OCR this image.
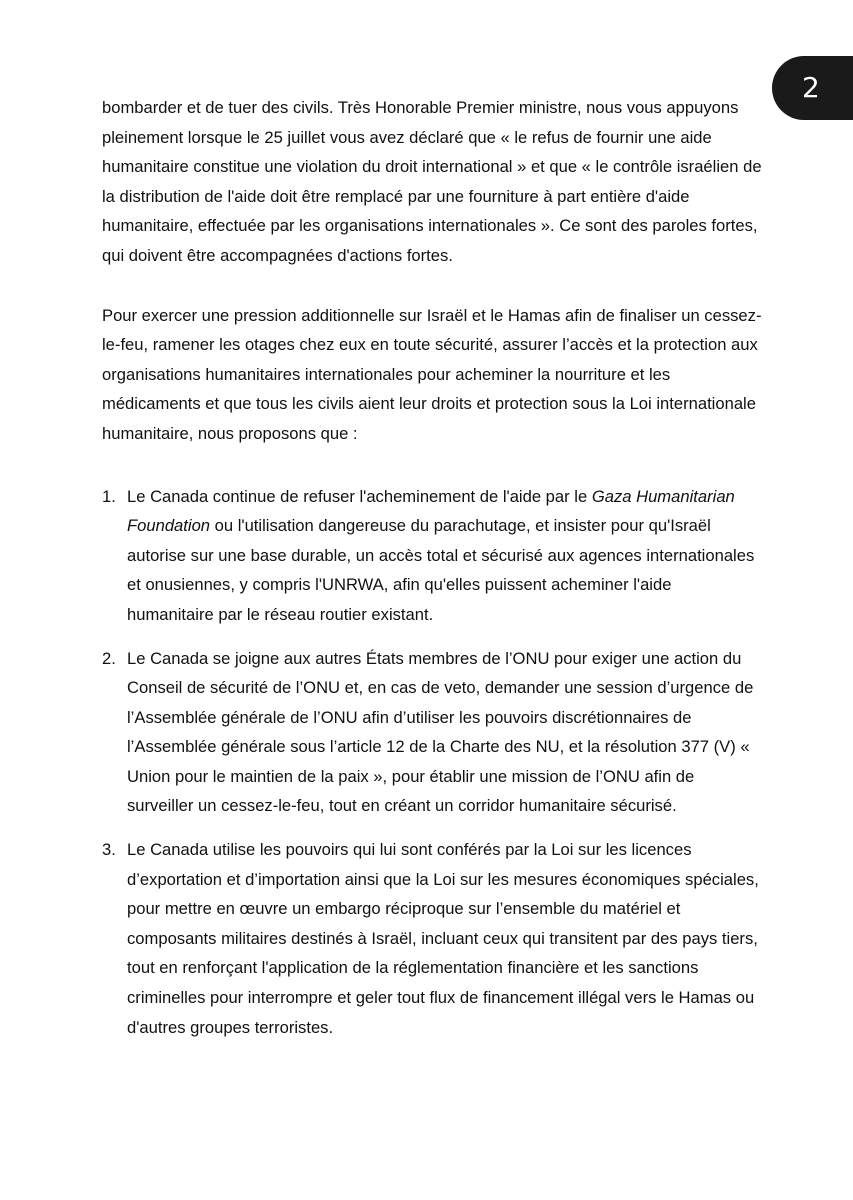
2

bombarder et de tuer des civils. Très Honorable Premier ministre, nous vous appuyons pleinement lorsque le 25 juillet vous avez déclaré que « le refus de fournir une aide humanitaire constitue une violation du droit international » et que « le contrôle israélien de la distribution de l'aide doit être remplacé par une fourniture à part entière d'aide humanitaire, effectuée par les organisations internationales ». Ce sont des paroles fortes, qui doivent être accompagnées d'actions fortes.

Pour exercer une pression additionnelle sur Israël et le Hamas afin de finaliser un cessez-le-feu, ramener les otages chez eux en toute sécurité, assurer l’accès et la protection aux organisations humanitaires internationales pour acheminer la nourriture et les médicaments et que tous les civils aient leur droits et protection sous la Loi internationale humanitaire, nous proposons que :

1. Le Canada continue de refuser l'acheminement de l'aide par le Gaza Humanitarian Foundation ou l'utilisation dangereuse du parachutage, et insister pour qu'Israël autorise sur une base durable, un accès total et sécurisé aux agences internationales et onusiennes, y compris l'UNRWA, afin qu'elles puissent acheminer l'aide humanitaire par le réseau routier existant.
2. Le Canada se joigne aux autres États membres de l’ONU pour exiger une action du Conseil de sécurité de l’ONU et, en cas de veto, demander une session d’urgence de l’Assemblée générale de l’ONU afin d’utiliser les pouvoirs discrétionnaires de l’Assemblée générale sous l’article 12 de la Charte des NU, et la résolution 377 (V) « Union pour le maintien de la paix », pour établir une mission de l’ONU afin de surveiller un cessez-le-feu, tout en créant un corridor humanitaire sécurisé.
3. Le Canada utilise les pouvoirs qui lui sont conférés par la Loi sur les licences d’exportation et d’importation ainsi que la Loi sur les mesures économiques spéciales, pour mettre en œuvre un embargo réciproque sur l’ensemble du matériel et composants militaires destinés à Israël, incluant ceux qui transitent par des pays tiers, tout en renforçant l'application de la réglementation financière et les sanctions criminelles pour interrompre et geler tout flux de financement illégal vers le Hamas ou d'autres groupes terroristes.
